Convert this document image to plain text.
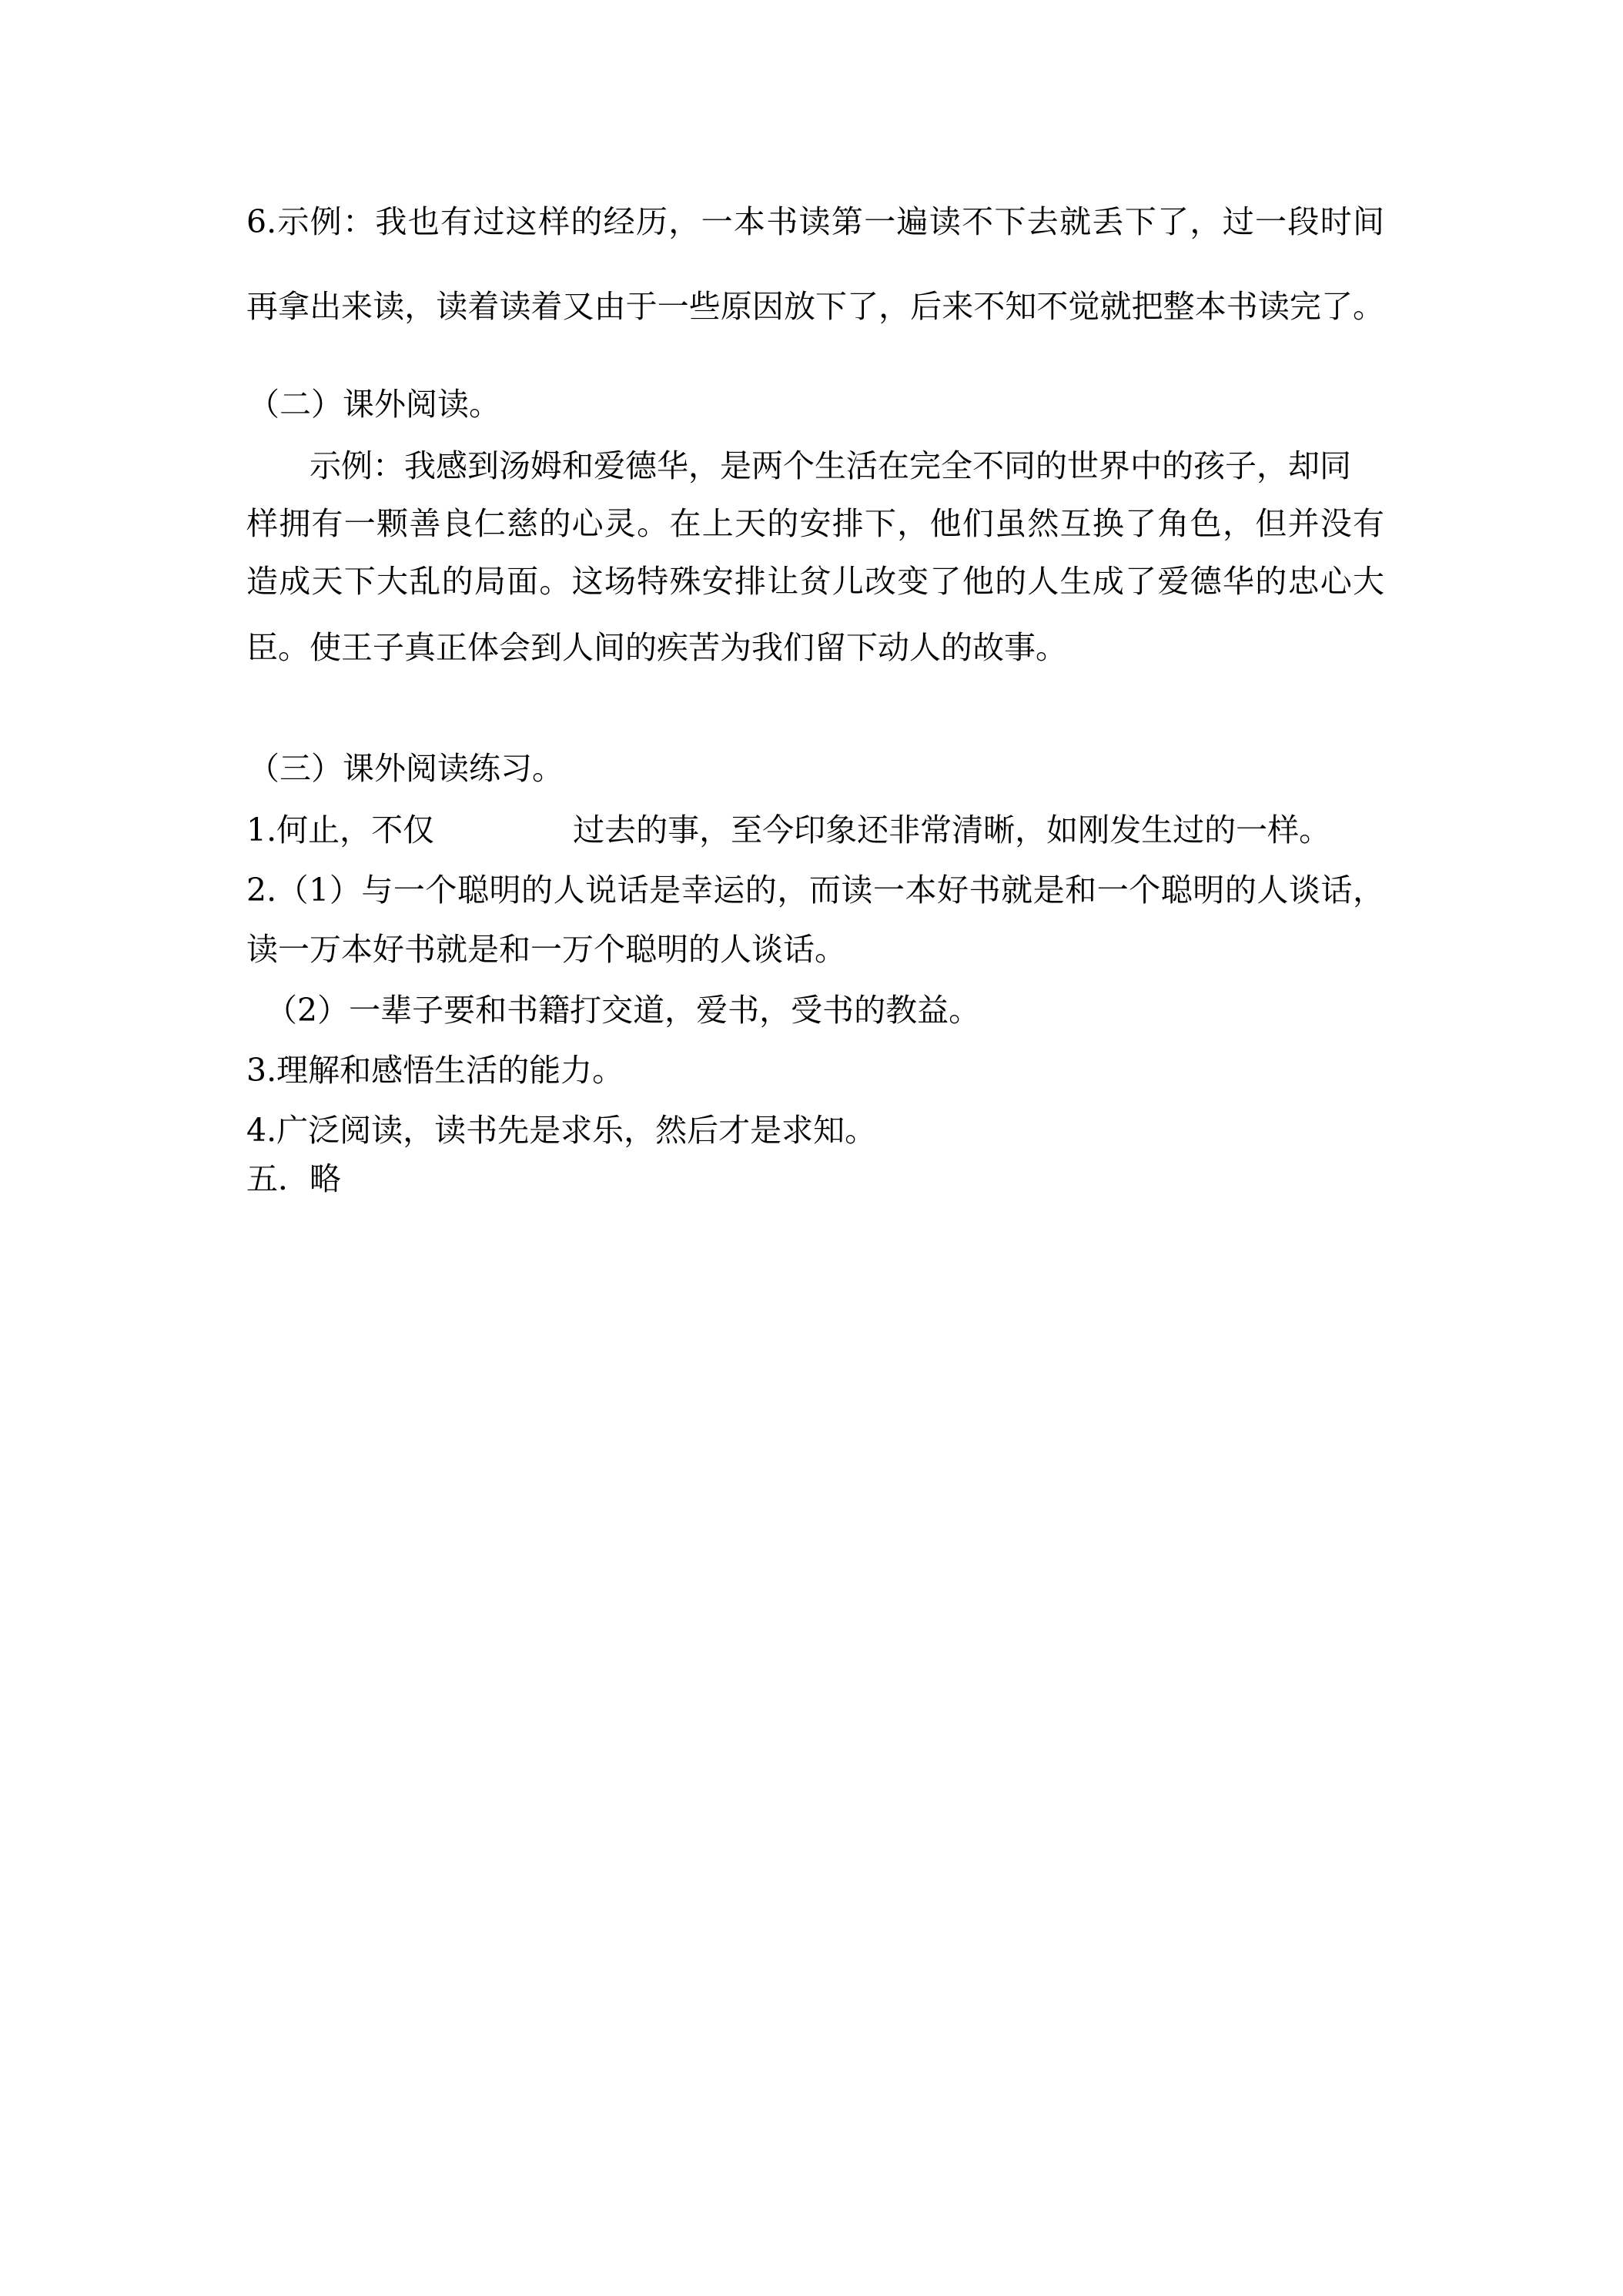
6.示例：我也有过这样的经历，一本书读第一遍读不下去就丢下了，过一段时间
再拿出来读，读着读着又由于一些原因放下了，后来不知不觉就把整本书读完了。
（二）课外阅读。
示例：我感到汤姆和爱德华，是两个生活在完全不同的世界中的孩子，却同
样拥有一颗善良仁慈的心灵。在上天的安排下，他们虽然互换了角色，但并没有
造成天下大乱的局面。这场特殊安排让贫儿改变了他的人生成了爱德华的忠心大
臣。使王子真正体会到人间的疾苦为我们留下动人的故事。
（三）课外阅读练习。
1.何止，不仅	过去的事，至今印象还非常清晰，如刚发生过的一样。
2.（1）与一个聪明的人说话是幸运的，而读一本好书就是和一个聪明的人谈话，
读一万本好书就是和一万个聪明的人谈话。
（2）一辈子要和书籍打交道，爱书，受书的教益。
3.理解和感悟生活的能力。
4.广泛阅读，读书先是求乐，然后才是求知。
五．略
